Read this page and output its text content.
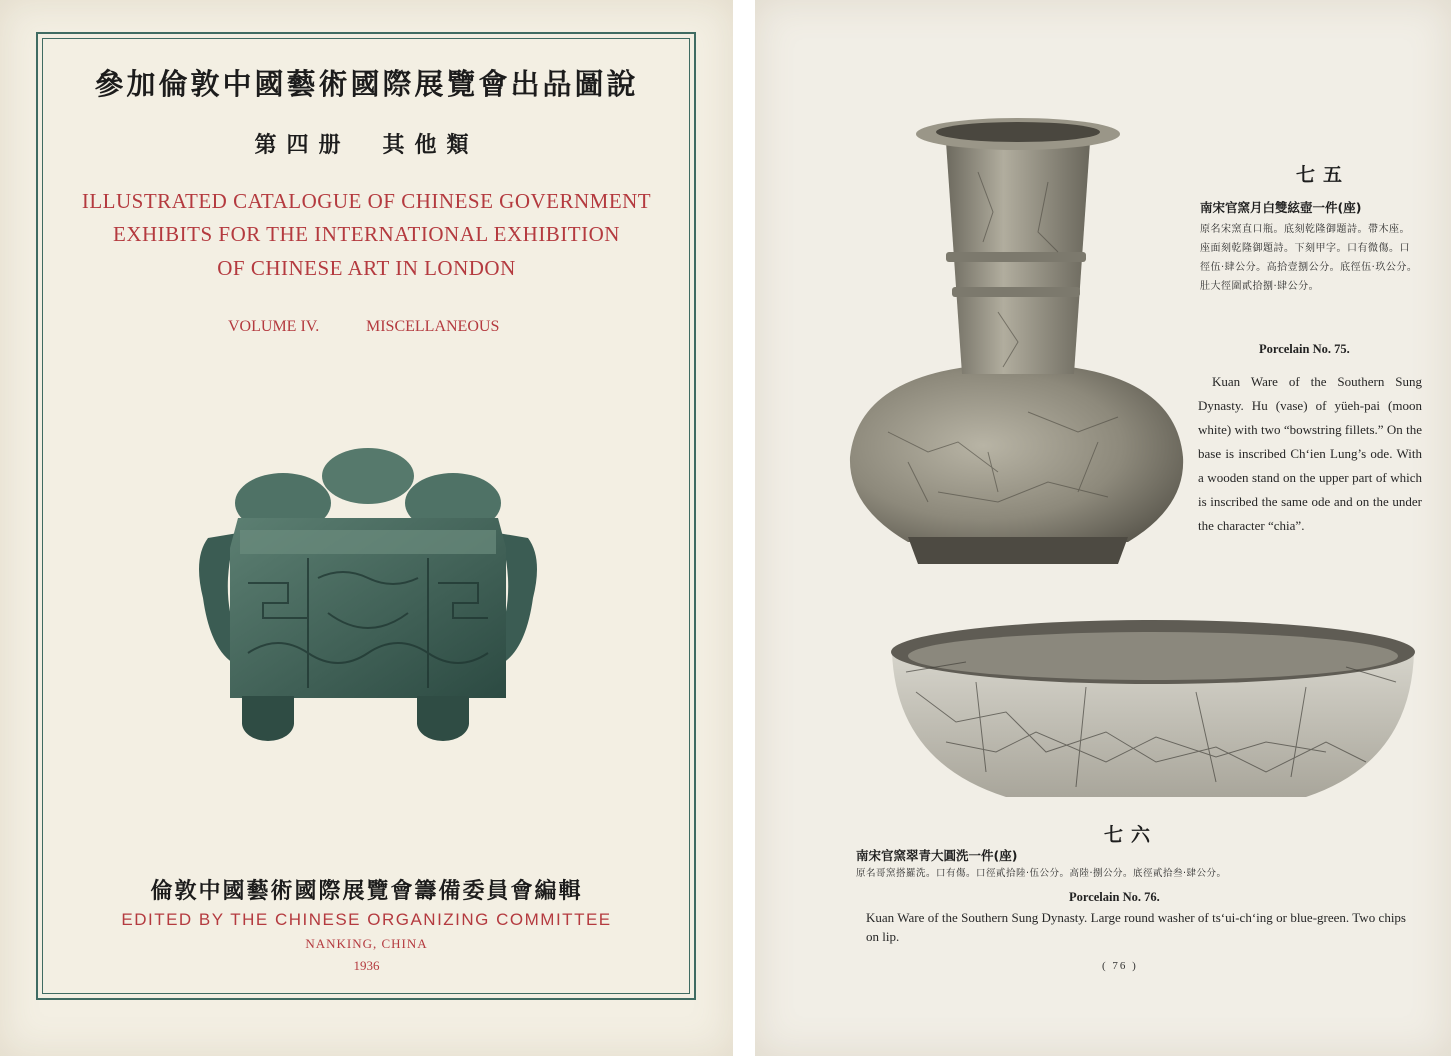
參加倫敦中國藝術國際展覽會出品圖說
第四册　其他類
ILLUSTRATED CATALOGUE OF CHINESE GOVERNMENT
EXHIBITS FOR THE INTERNATIONAL EXHIBITION
OF CHINESE ART IN LONDON
VOLUME IV.	MISCELLANEOUS
倫敦中國藝術國際展覽會籌備委員會編輯
EDITED BY THE CHINESE ORGANIZING COMMITTEE
NANKING, CHINA
1936
七五
南宋官窯月白雙絃壺一件(座)
原名宋窯直口瓶。底刻乾隆御題詩。帶木座。座面刻乾隆御題詩。下刻甲字。口有微傷。口徑伍·肆公分。高拾壹捌公分。底徑伍·玖公分。肚大徑圍貳拾捌·肆公分。
Porcelain No. 75.
Kuan Ware of the Southern Sung Dynasty. Hu (vase) of yüeh-pai (moon white) with two “bowstring fillets.” On the base is inscribed Ch‘ien Lung’s ode. With a wooden stand on the upper part of which is inscribed the same ode and on the under the character “chia”.
七六
南宋官窯翠青大圓洗一件(座)
原名哥窯搭羅洗。口有傷。口徑貳拾陸·伍公分。高陸·捌公分。底徑貳拾叁·肆公分。
Porcelain No. 76.
Kuan Ware of the Southern Sung Dynasty. Large round washer of ts‘ui-ch‘ing or blue-green. Two chips on lip.
( 76 )
